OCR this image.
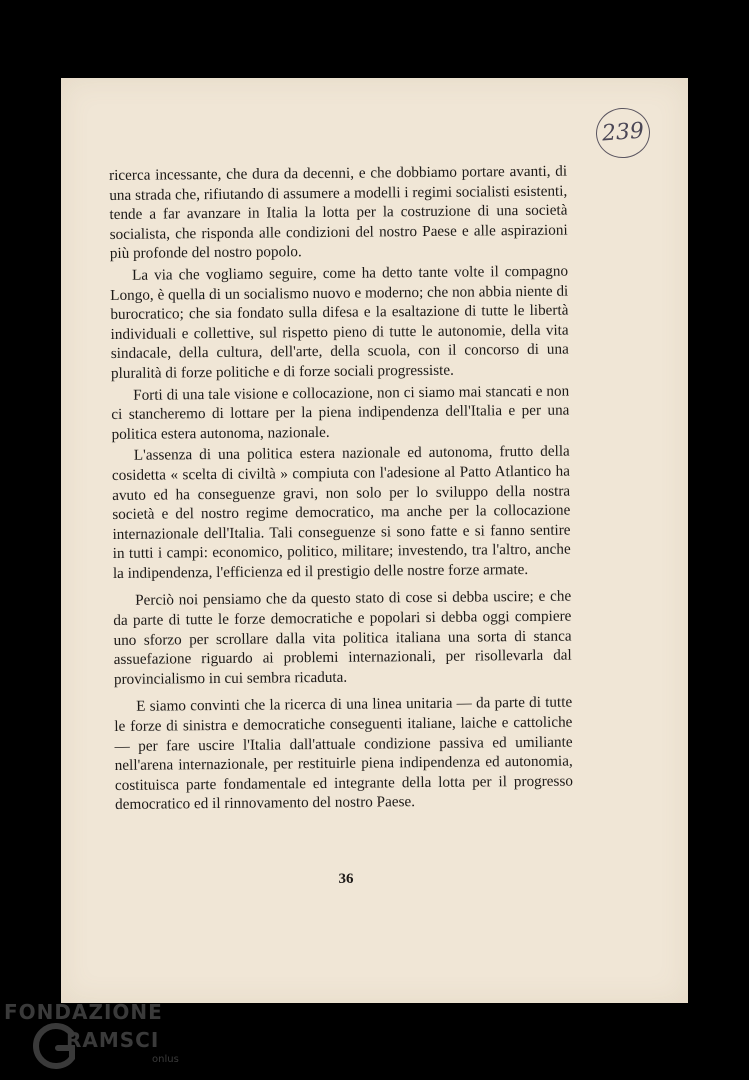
239

ricerca incessante, che dura da decenni, e che dobbiamo portare avanti, di una strada che, rifiutando di assumere a modelli i regimi socialisti esistenti, tende a far avanzare in Italia la lotta per la costruzione di una società socialista, che risponda alle condizioni del nostro Paese e alle aspirazioni più profonde del nostro popolo.

La via che vogliamo seguire, come ha detto tante volte il compagno Longo, è quella di un socialismo nuovo e moderno; che non abbia niente di burocratico; che sia fondato sulla difesa e la esaltazione di tutte le libertà individuali e collettive, sul rispetto pieno di tutte le autonomie, della vita sindacale, della cultura, dell'arte, della scuola, con il concorso di una pluralità di forze politiche e di forze sociali progressiste.

Forti di una tale visione e collocazione, non ci siamo mai stancati e non ci stancheremo di lottare per la piena indipendenza dell'Italia e per una politica estera autonoma, nazionale.

L'assenza di una politica estera nazionale ed autonoma, frutto della cosidetta « scelta di civiltà » compiuta con l'adesione al Patto Atlantico ha avuto ed ha conseguenze gravi, non solo per lo sviluppo della nostra società e del nostro regime democratico, ma anche per la collocazione internazionale dell'Italia. Tali conseguenze si sono fatte e si fanno sentire in tutti i campi: economico, politico, militare; investendo, tra l'altro, anche la indipendenza, l'efficienza ed il prestigio delle nostre forze armate.

Perciò noi pensiamo che da questo stato di cose si debba uscire; e che da parte di tutte le forze democratiche e popolari si debba oggi compiere uno sforzo per scrollare dalla vita politica italiana una sorta di stanca assuefazione riguardo ai problemi internazionali, per risollevarla dal provincialismo in cui sembra ricaduta.

E siamo convinti che la ricerca di una linea unitaria — da parte di tutte le forze di sinistra e democratiche conseguenti italiane, laiche e cattoliche — per fare uscire l'Italia dall'attuale condizione passiva ed umiliante nell'arena internazionale, per restituirle piena indipendenza ed autonomia, costituisca parte fondamentale ed integrante della lotta per il progresso democratico ed il rinnovamento del nostro Paese.

36
FONDAZIONE
RAMSCI
onlus
